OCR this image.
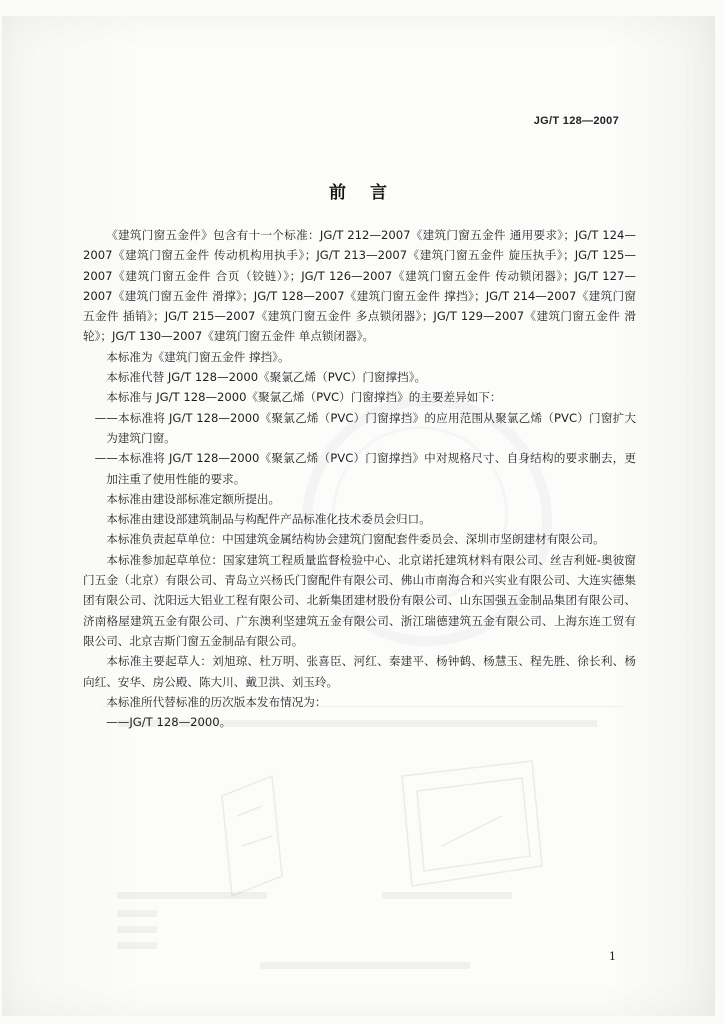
JG/T 128—2007
前言

《建筑门窗五金件》包含有十一个标准：JG/T 212—2007《建筑门窗五金件 通用要求》；JG/T 124—2007《建筑门窗五金件 传动机构用执手》；JG/T 213—2007《建筑门窗五金件 旋压执手》；JG/T 125—2007《建筑门窗五金件 合页（铰链）》；JG/T 126—2007《建筑门窗五金件 传动锁闭器》；JG/T 127—2007《建筑门窗五金件 滑撑》；JG/T 128—2007《建筑门窗五金件 撑挡》；JG/T 214—2007《建筑门窗五金件 插销》；JG/T 215—2007《建筑门窗五金件 多点锁闭器》；JG/T 129—2007《建筑门窗五金件 滑轮》；JG/T 130—2007《建筑门窗五金件 单点锁闭器》。

本标准为《建筑门窗五金件 撑挡》。

本标准代替 JG/T 128—2000《聚氯乙烯（PVC）门窗撑挡》。

本标准与 JG/T 128—2000《聚氯乙烯（PVC）门窗撑挡》的主要差异如下：

——本标准将 JG/T 128—2000《聚氯乙烯（PVC）门窗撑挡》的应用范围从聚氯乙烯（PVC）门窗扩大为建筑门窗。

——本标准将 JG/T 128—2000《聚氯乙烯（PVC）门窗撑挡》中对规格尺寸、自身结构的要求删去，更加注重了使用性能的要求。

本标准由建设部标准定额所提出。

本标准由建设部建筑制品与构配件产品标准化技术委员会归口。

本标准负责起草单位：中国建筑金属结构协会建筑门窗配套件委员会、深圳市坚朗建材有限公司。

本标准参加起草单位：国家建筑工程质量监督检验中心、北京诺托建筑材料有限公司、丝吉利娅-奥彼窗门五金（北京）有限公司、青岛立兴杨氏门窗配件有限公司、佛山市南海合和兴实业有限公司、大连实德集团有限公司、沈阳远大铝业工程有限公司、北新集团建材股份有限公司、山东国强五金制品集团有限公司、济南格屋建筑五金有限公司、广东澳利坚建筑五金有限公司、浙江瑞德建筑五金有限公司、上海东连工贸有限公司、北京吉斯门窗五金制品有限公司。

本标准主要起草人：刘旭琼、杜万明、张喜臣、河红、秦建平、杨钟鹤、杨慧玉、程先胜、徐长利、杨向红、安华、房公殿、陈大川、戴卫洪、刘玉玲。

本标准所代替标准的历次版本发布情况为：

——JG/T 128—2000。

1
